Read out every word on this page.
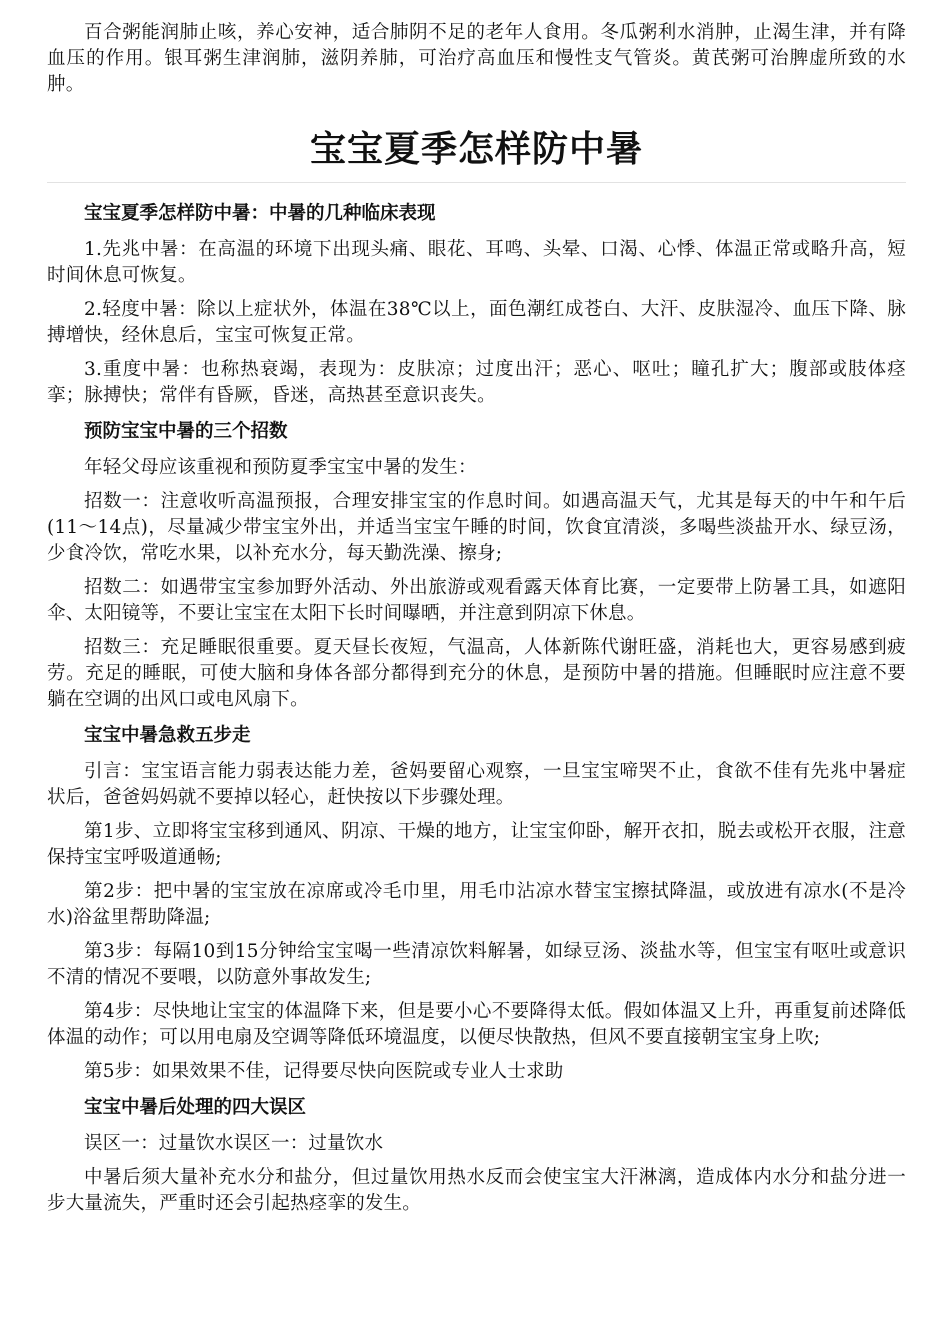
百合粥能润肺止咳，养心安神，适合肺阴不足的老年人食用。冬瓜粥利水消肿，止渴生津，并有降血压的作用。银耳粥生津润肺，滋阴养肺，可治疗高血压和慢性支气管炎。黄芪粥可治脾虚所致的水肿。

宝宝夏季怎样防中暑
宝宝夏季怎样防中暑：中暑的几种临床表现

1.先兆中暑：在高温的环境下出现头痛、眼花、耳鸣、头晕、口渴、心悸、体温正常或略升高，短时间休息可恢复。

2.轻度中暑：除以上症状外，体温在38℃以上，面色潮红成苍白、大汗、皮肤湿冷、血压下降、脉搏增快，经休息后，宝宝可恢复正常。

3.重度中暑：也称热衰竭，表现为：皮肤凉；过度出汗；恶心、呕吐；瞳孔扩大；腹部或肢体痉挛；脉搏快；常伴有昏厥，昏迷，高热甚至意识丧失。

预防宝宝中暑的三个招数

年轻父母应该重视和预防夏季宝宝中暑的发生：

招数一：注意收听高温预报，合理安排宝宝的作息时间。如遇高温天气，尤其是每天的中午和午后(11～14点)，尽量减少带宝宝外出，并适当宝宝午睡的时间，饮食宜清淡，多喝些淡盐开水、绿豆汤，少食冷饮，常吃水果，以补充水分，每天勤洗澡、擦身;

招数二：如遇带宝宝参加野外活动、外出旅游或观看露天体育比赛，一定要带上防暑工具，如遮阳伞、太阳镜等，不要让宝宝在太阳下长时间曝晒，并注意到阴凉下休息。

招数三：充足睡眠很重要。夏天昼长夜短，气温高，人体新陈代谢旺盛，消耗也大，更容易感到疲劳。充足的睡眠，可使大脑和身体各部分都得到充分的休息，是预防中暑的措施。但睡眠时应注意不要躺在空调的出风口或电风扇下。

宝宝中暑急救五步走

引言：宝宝语言能力弱表达能力差，爸妈要留心观察，一旦宝宝啼哭不止，食欲不佳有先兆中暑症状后，爸爸妈妈就不要掉以轻心，赶快按以下步骤处理。

第1步、立即将宝宝移到通风、阴凉、干燥的地方，让宝宝仰卧，解开衣扣，脱去或松开衣服，注意保持宝宝呼吸道通畅;

第2步：把中暑的宝宝放在凉席或冷毛巾里，用毛巾沾凉水替宝宝擦拭降温，或放进有凉水(不是冷水)浴盆里帮助降温;

第3步：每隔10到15分钟给宝宝喝一些清凉饮料解暑，如绿豆汤、淡盐水等，但宝宝有呕吐或意识不清的情况不要喂，以防意外事故发生;

第4步：尽快地让宝宝的体温降下来，但是要小心不要降得太低。假如体温又上升，再重复前述降低体温的动作；可以用电扇及空调等降低环境温度，以便尽快散热，但风不要直接朝宝宝身上吹;

第5步：如果效果不佳，记得要尽快向医院或专业人士求助

宝宝中暑后处理的四大误区

误区一：过量饮水误区一：过量饮水

中暑后须大量补充水分和盐分，但过量饮用热水反而会使宝宝大汗淋漓，造成体内水分和盐分进一步大量流失，严重时还会引起热痉挛的发生。
